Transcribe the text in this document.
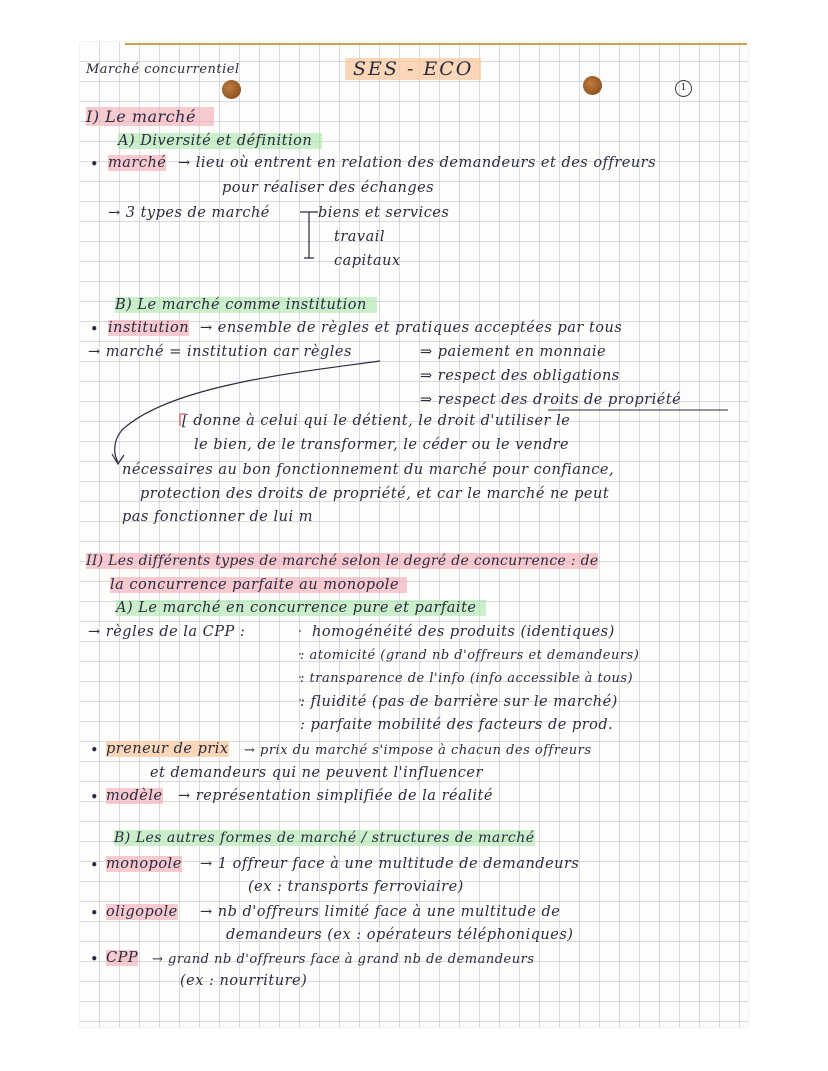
1
Marché concurrentiel	SES - ECO
I) Le marché
A) Diversité et définition
• marché → lieu où entrent en relation des demandeurs et des offreurs
pour réaliser des échanges
→ 3 types de marché	biens et services
travail
capitaux
B) Le marché comme institution
• institution → ensemble de règles et pratiques acceptées par tous
→ marché = institution car règles	⇒ paiement en monnaie
⇒ respect des obligations
⇒ respect des droits de propriété
[ donne à celui qui le détient, le droit d'utiliser le
le bien, de le transformer, le céder ou le vendre
nécessaires au bon fonctionnement du marché pour confiance,
protection des droits de propriété, et car le marché ne peut
pas fonctionner de lui m
II) Les différents types de marché selon le degré de concurrence : de
la concurrence parfaite au monopole
A) Le marché en concurrence pure et parfaite
→ règles de la CPP :	homogénéité des produits (identiques)
: atomicité (grand nb d'offreurs et demandeurs)
: transparence de l'info (info accessible à tous)
: fluidité (pas de barrière sur le marché)
: parfaite mobilité des facteurs de prod.
• preneur de prix → prix du marché s'impose à chacun des offreurs
et demandeurs qui ne peuvent l'influencer
• modèle → représentation simplifiée de la réalité
B) Les autres formes de marché / structures de marché
• monopole → 1 offreur face à une multitude de demandeurs
(ex : transports ferroviaire)
• oligopole → nb d'offreurs limité face à une multitude de
demandeurs (ex : opérateurs téléphoniques)
• CPP → grand nb d'offreurs face à grand nb de demandeurs
(ex : nourriture)
